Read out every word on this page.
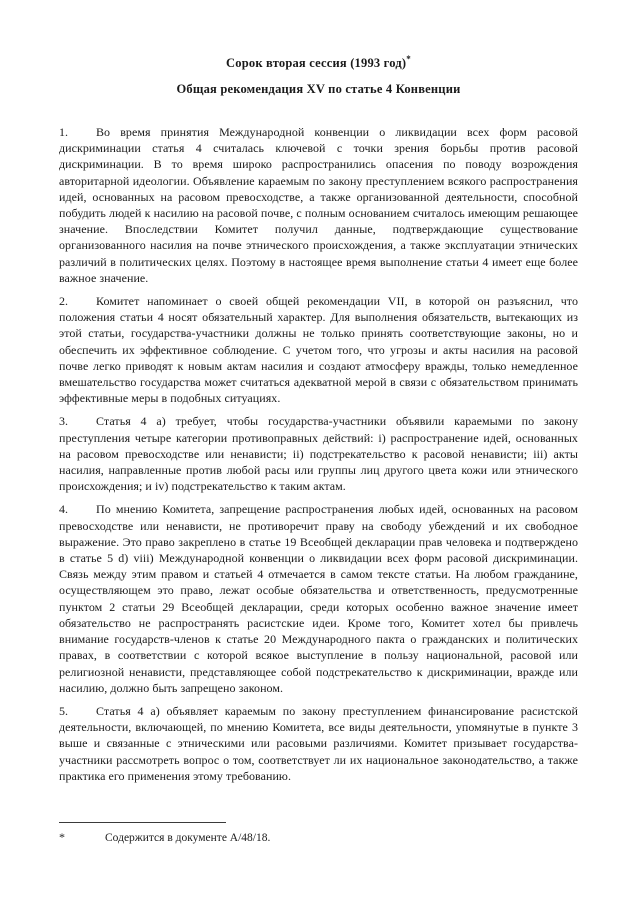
Сорок вторая сессия (1993 год)*
Общая рекомендация XV по статье 4 Конвенции

1. Во время принятия Международной конвенции о ликвидации всех форм расовой дискриминации статья 4 считалась ключевой с точки зрения борьбы против расовой дискриминации. В то время широко распространились опасения по поводу возрождения авторитарной идеологии. Объявление караемым по закону преступлением всякого распространения идей, основанных на расовом превосходстве, а также организованной деятельности, способной побудить людей к насилию на расовой почве, с полным основанием считалось имеющим решающее значение. Впоследствии Комитет получил данные, подтверждающие существование организованного насилия на почве этнического происхождения, а также эксплуатации этнических различий в политических целях. Поэтому в настоящее время выполнение статьи 4 имеет еще более важное значение.

2. Комитет напоминает о своей общей рекомендации VII, в которой он разъяснил, что положения статьи 4 носят обязательный характер. Для выполнения обязательств, вытекающих из этой статьи, государства-участники должны не только принять соответствующие законы, но и обеспечить их эффективное соблюдение. С учетом того, что угрозы и акты насилия на расовой почве легко приводят к новым актам насилия и создают атмосферу вражды, только немедленное вмешательство государства может считаться адекватной мерой в связи с обязательством принимать эффективные меры в подобных ситуациях.

3. Статья 4 а) требует, чтобы государства-участники объявили караемыми по закону преступления четыре категории противоправных действий: i) распространение идей, основанных на расовом превосходстве или ненависти; ii) подстрекательство к расовой ненависти; iii) акты насилия, направленные против любой расы или группы лиц другого цвета кожи или этнического происхождения; и iv) подстрекательство к таким актам.

4. По мнению Комитета, запрещение распространения любых идей, основанных на расовом превосходстве или ненависти, не противоречит праву на свободу убеждений и их свободное выражение. Это право закреплено в статье 19 Всеобщей декларации прав человека и подтверждено в статье 5 d) viii) Международной конвенции о ликвидации всех форм расовой дискриминации. Связь между этим правом и статьей 4 отмечается в самом тексте статьи. На любом гражданине, осуществляющем это право, лежат особые обязательства и ответственность, предусмотренные пунктом 2 статьи 29 Всеобщей декларации, среди которых особенно важное значение имеет обязательство не распространять расистские идеи. Кроме того, Комитет хотел бы привлечь внимание государств-членов к статье 20 Международного пакта о гражданских и политических правах, в соответствии с которой всякое выступление в пользу национальной, расовой или религиозной ненависти, представляющее собой подстрекательство к дискриминации, вражде или насилию, должно быть запрещено законом.

5. Статья 4 а) объявляет караемым по закону преступлением финансирование расистской деятельности, включающей, по мнению Комитета, все виды деятельности, упомянутые в пункте 3 выше и связанные с этническими или расовыми различиями. Комитет призывает государства-участники рассмотреть вопрос о том, соответствует ли их национальное законодательство, а также практика его применения этому требованию.

*	Содержится в документе A/48/18.
